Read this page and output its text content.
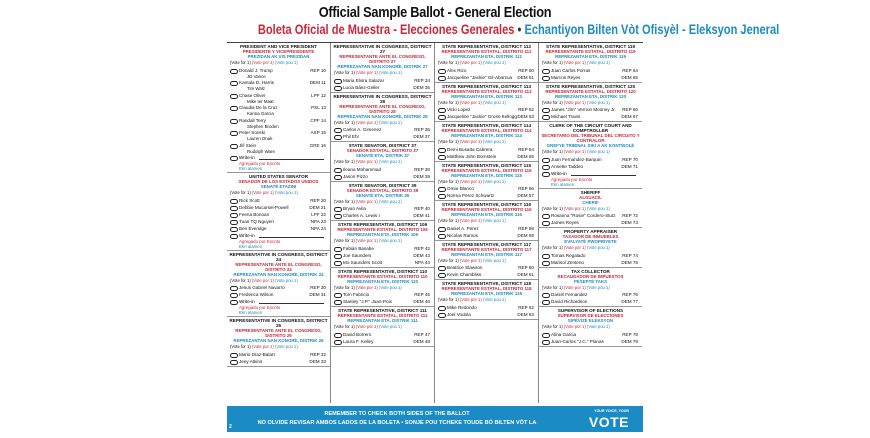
Official Sample Ballot - General Election
Boleta Oficial de Muestra - Elecciones Generales • Echantiyon Bilten Vòt Ofisyèl - Eleksyon Jeneral
PRESIDENT AND VICE PRESIDENT
PRESIDENTE Y VICEPRESIDENTE
PREZIDAN AK VIS PREZIDAN
(Vote for 1) (Vote por 1) (Vote pou 1)
Donald J. Trump	REP 10
JD Vance
Kamala D. Harris	DEM 11
Tim Walz
Chase Oliver	LPF 12
Mike ter Maat
Claudia De la Cruz	PSL 13
Karina Garcia
Randall Terry	CPF 14
Stephen Broden
Peter Sonski	ASP 15
Lauren Onak
Jill Stein	GRE 16
Rudolph Ware
Write-in
Agregado por Escrito
Ekri alamen
UNITED STATES SENATOR
SENADOR DE LOS ESTADOS UNIDOS
SENATÈ ETAZINI
(Vote for 1) (Vote por 1) (Vote pou 1)
Rick Scott	REP 20
Debbie Mucarsel-Powell	DEM 21
Feena Bonoan	LPF 22
Tuan TQ Nguyen	NPA 23
Ben Everidge	NPA 24
Write-in
Agregado por Escrito
Ekri alamen
REPRESENTATIVE IN CONGRESS, DISTRICT 24
REPRESENTANTE ANTE EL CONGRESO, DISTRITO 24
REPREZANTAN NAN KONGRÈ, DISTRIK 24
(Vote for 1) (Vote por 1) (Vote pou 1)
Jesus Gabriel Navarro	REP 30
Frederica Wilson	DEM 31
Write-in
Agregado por Escrito
Ekri alamen
REPRESENTATIVE IN CONGRESS, DISTRICT 26
REPRESENTANTE ANTE EL CONGRESO, DISTRITO 26
REPREZANTAN NAN KONGRÈ, DISTRIK 26
(Vote for 1) (Vote por 1) (Vote pou 1)
Mario Díaz-Balart	REP 32
Jeey Atkins	DEM 33
REPRESENTATIVE IN CONGRESS, DISTRICT 27
REPRESENTANTE ANTE EL CONGRESO, DISTRITO 27
REPREZANTAN NAN KONGRÈ, DISTRIK 27
(Vote for 1) (Vote por 1) (Vote pou 1)
Maria Elvira Salazar	REP 34
Lucia Báez-Geller	DEM 35
REPRESENTATIVE IN CONGRESS, DISTRICT 28
REPRESENTANTE ANTE EL CONGRESO, DISTRITO 28
REPREZANTAN NAN KONGRÈ, DISTRIK 28
(Vote for 1) (Vote por 1) (Vote pou 1)
Carlos A. Gimenez	REP 36
Phil Ehr	DEM 37
STATE SENATOR, DISTRICT 37
SENADOR ESTATAL, DISTRITO 37
SENATÈ ETA, DISTRIK 37
(Vote for 1) (Vote por 1) (Vote pou 1)
Ileana Mohammad	REP 38
Jason Pizzo	DEM 39
STATE SENATOR, DISTRICT 39
SENADOR ESTATAL, DISTRITO 39
SENATÈ ETA, DISTRIK 39
(Vote for 1) (Vote por 1) (Vote pou 1)
Bryan Avila	REP 40
Charles A. Lewis I	DEM 41
STATE REPRESENTATIVE, DISTRICT 106
REPRESENTANTE ESTATAL, DISTRITO 106
REPREZANTAN ETA, DISTRIK 106
(Vote for 1) (Vote por 1) (Vote pou 1)
Fabián Basabe	REP 42
Joe Saunders	DEM 43
Mo Saunders Scott	NPA 44
STATE REPRESENTATIVE, DISTRICT 110
REPRESENTANTE ESTATAL, DISTRITO 110
REPREZANTAN ETA, DISTRIK 110
(Vote for 1) (Vote por 1) (Vote pou 1)
Tom Fabricio	REP 45
Stanley "J.P." Juan-Poix	DEM 46
STATE REPRESENTATIVE, DISTRICT 111
REPRESENTANTE ESTATAL, DISTRITO 111
REPREZANTAN ETA, DISTRIK 111
(Vote for 1) (Vote por 1) (Vote pou 1)
David Borrero	REP 47
Laura F. Kelley	DEM 48
STATE REPRESENTATIVE, DISTRICT 112
REPRESENTANTE ESTATAL, DISTRITO 112
REPREZANTAN ETA, DISTRIK 112
(Vote for 1) (Vote por 1) (Vote pou 1)
Alex Rizo	REP 50
Jacqueline "Jackie" Gil-Abarzua DEM 51
STATE REPRESENTATIVE, DISTRICT 113
REPRESENTANTE ESTATAL, DISTRITO 113
REPREZANTAN ETA, DISTRIK 113
(Vote for 1) (Vote por 1) (Vote pou 1)
Vicki Lopez	REP 52
Jacqueline "Jackie" Gross-Kellogg DEM 53
STATE REPRESENTATIVE, DISTRICT 114
REPRESENTANTE ESTATAL, DISTRITO 114
REPREZANTAN ETA, DISTRIK 114
(Vote for 1) (Vote por 1) (Vote pou 1)
Demi Busatta Cabrera	REP 54
Matthew John Bornstein	DEM 55
STATE REPRESENTATIVE, DISTRICT 115
REPRESENTANTE ESTATAL, DISTRITO 115
REPREZANTAN ETA, DISTRIK 115
(Vote for 1) (Vote por 1) (Vote pou 1)
Omar Blanco	REP 56
Norma Perez Schwartz	DEM 57
STATE REPRESENTATIVE, DISTRICT 116
REPRESENTANTE ESTATAL, DISTRITO 116
REPREZANTAN ETA, DISTRIK 116
(Vote for 1) (Vote por 1) (Vote pou 1)
Daniel A. Perez	REP 58
Nicolas Ramos	DEM 59
STATE REPRESENTATIVE, DISTRICT 117
REPRESENTANTE ESTATAL, DISTRITO 117
REPREZANTAN ETA, DISTRIK 117
(Vote for 1) (Vote por 1) (Vote pou 1)
Beatrice Slawson	REP 60
Kevin Chambliss	DEM 61
STATE REPRESENTATIVE, DISTRICT 118
REPRESENTANTE ESTATAL, DISTRITO 118
REPREZANTAN ETA, DISTRIK 118
(Vote for 1) (Vote por 1) (Vote pou 1)
Mike Redondo	REP 62
Joel Vodola	DEM 63
STATE REPRESENTATIVE, DISTRICT 119
REPRESENTANTE ESTATAL, DISTRITO 119
REPREZANTAN ETA, DISTRIK 119
(Vote for 1) (Vote por 1) (Vote pou 1)
Juan Carlos Porras	REP 64
Marcos Reyes	DEM 65
STATE REPRESENTATIVE, DISTRICT 120
REPRESENTANTE ESTATAL, DISTRITO 120
REPREZANTAN ETA, DISTRIK 120
(Vote for 1) (Vote por 1) (Vote pou 1)
James "Jim" Vernon Mooney Jr. REP 66
Michael Travis	DEM 67
CLERK OF THE CIRCUIT COURT AND COMPTROLLER
SECRETARIO DEL TRIBUNAL DEL CIRCUITO Y CONTRALOR
GREFYE TRIBINAL SIKI A AK KONTWOLÈ
(Vote for 1) (Vote por 1) (Vote pou 1)
Juan Fernandez-Barquin	REP 70
Annette Taddeo	DEM 71
Write-in
Agregado por Escrito
Ekri alamen
SHERIFF
ALGUACIL
CHERIF
(Vote for 1) (Vote por 1) (Vote pou 1)
Rosanna "Rosie" Cordero-Stutz REP 72
James Reyes	DEM 73
PROPERTY APPRAISER
TASADOR DE INMUEBLES
EVALYATÈ PWOPRIYETE
(Vote for 1) (Vote por 1) (Vote pou 1)
Tomas Regalado	REP 74
Marisol Zenteno	DEM 75
TAX COLLECTOR
RECAUDADOR DE IMPUESTOS
PÈSEPTÈ TAKS
(Vote for 1) (Vote por 1) (Vote pou 1)
Daniel Fernandez	REP 76
David Richardson	DEM 77
SUPERVISOR OF ELECTIONS
SUPERVISOR DE ELECCIONES
SIPÈVIZÈ ELEKSYON
(Vote for 1) (Vote por 1) (Vote pou 1)
Alina Garcia	REP 78
Juan-Carlos "J.C." Planas	DEM 79
2
REMEMBER TO CHECK BOTH SIDES OF THE BALLOT
NO OLVIDE REVISAR AMBOS LADOS DE LA BOLETA • SONJE POU TCHEKE TOUDE BÒ BILTEN VÒT LA
YOUR VOICE, YOUR
VOTE
